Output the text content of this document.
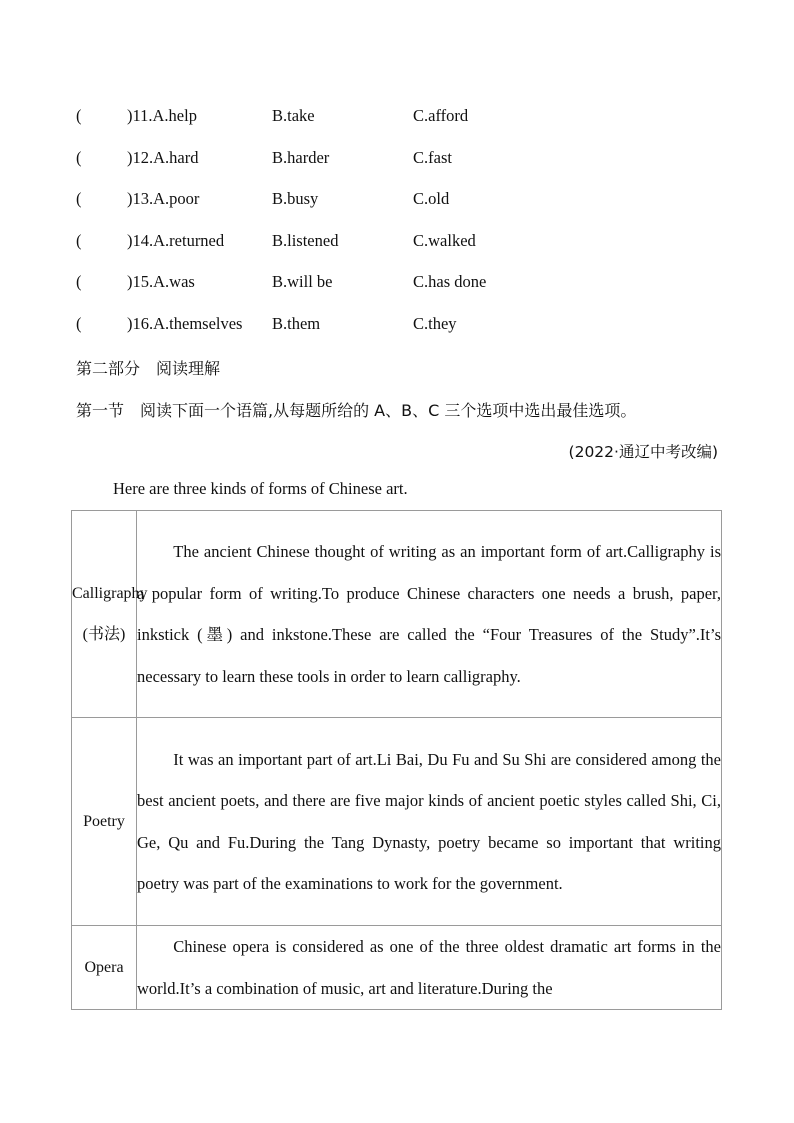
(	)11.A.help	B.take	C.afford
(	)12.A.hard	B.harder	C.fast
(	)13.A.poor	B.busy	C.old
(	)14.A.returned	B.listened	C.walked
(	)15.A.was	B.will be	C.has done
(	)16.A.themselves B.them	C.they
第二部分　阅读理解
第一节　阅读下面一个语篇,从每题所给的 A、B、C 三个选项中选出最佳选项。
(2022·通辽中考改编)
Here are three kinds of forms of Chinese art.
Calligraphy (书法)	The ancient Chinese thought of writing as an important form of art.Calligraphy is a popular form of writing.To produce Chinese characters one needs a brush, paper, inkstick (墨) and inkstone.These are called the “Four Treasures of the Study”.It’s necessary to learn these tools in order to learn calligraphy.

Poetry	It was an important part of art.Li Bai, Du Fu and Su Shi are considered among the best ancient poets, and there are five major kinds of ancient poetic styles called Shi, Ci, Ge, Qu and Fu.During the Tang Dynasty, poetry became so important that writing poetry was part of the examinations to work for the government.

Opera	Chinese opera is considered as one of the three oldest dramatic art forms in the world.It’s a combination of music, art and literature.During the
